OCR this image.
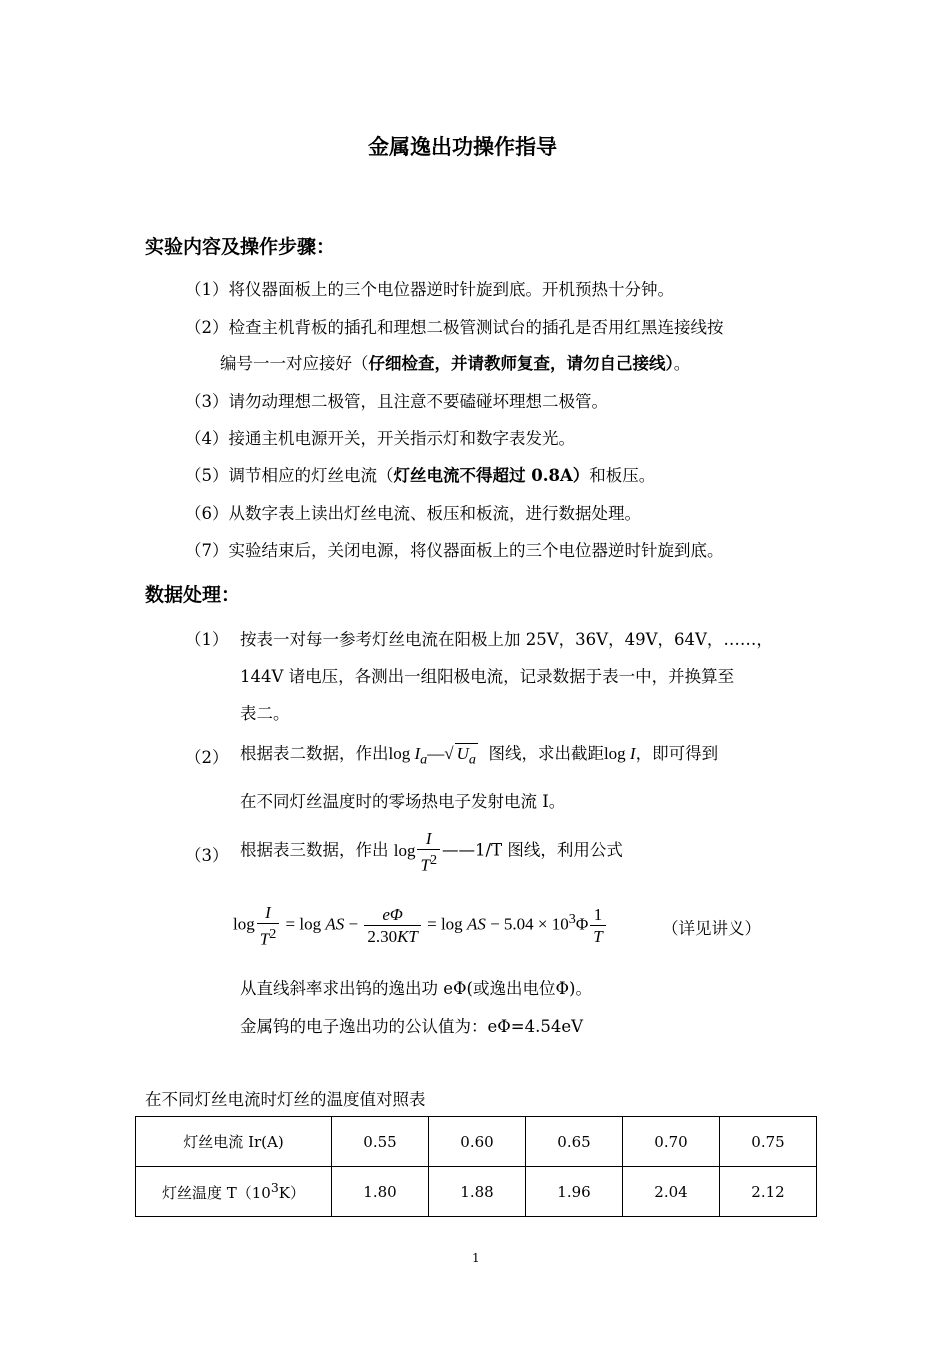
金属逸出功操作指导
实验内容及操作步骤：
（1）将仪器面板上的三个电位器逆时针旋到底。开机预热十分钟。
（2）检查主机背板的插孔和理想二极管测试台的插孔是否用红黑连接线按
编号一一对应接好（仔细检查，并请教师复查，请勿自己接线）。
（3）请勿动理想二极管，且注意不要磕碰坏理想二极管。
（4）接通主机电源开关，开关指示灯和数字表发光。
（5）调节相应的灯丝电流（灯丝电流不得超过 0.8A）和板压。
（6）从数字表上读出灯丝电流、板压和板流，进行数据处理。
（7）实验结束后，关闭电源，将仪器面板上的三个电位器逆时针旋到底。
数据处理：
（1） 按表一对每一参考灯丝电流在阳极上加 25V，36V，49V，64V，……，
144V 诸电压，各测出一组阳极电流，记录数据于表一中，并换算至
表二。
（2） 根据表二数据，作出$\log I_a—√$ $U_a$ 图线，求出截距log I，即可得到
在不同灯丝温度时的零场热电子发射电流 I。
（3） 根据表三数据，作出 $\log \frac{I}{T^2}$ ——1/T 图线，利用公式
$\log \frac{I}{T^2} = \log$ AS − $\frac{e\Phi}{2.30KT} = \log$ AS − $5.04 \times 10^3\Phi \frac{1}{T}$	（详见讲义）
从直线斜率求出钨的逸出功 eΦ(或逸出电位Φ)。
金属钨的电子逸出功的公认值为：eΦ=4.54eV
在不同灯丝电流时灯丝的温度值对照表
灯丝电流 Ir(A)	0.55	0.60	0.65	0.70	0.75
灯丝温度 $T(10^3K)$	1.80	1.88	1.96	2.04	2.12
1
